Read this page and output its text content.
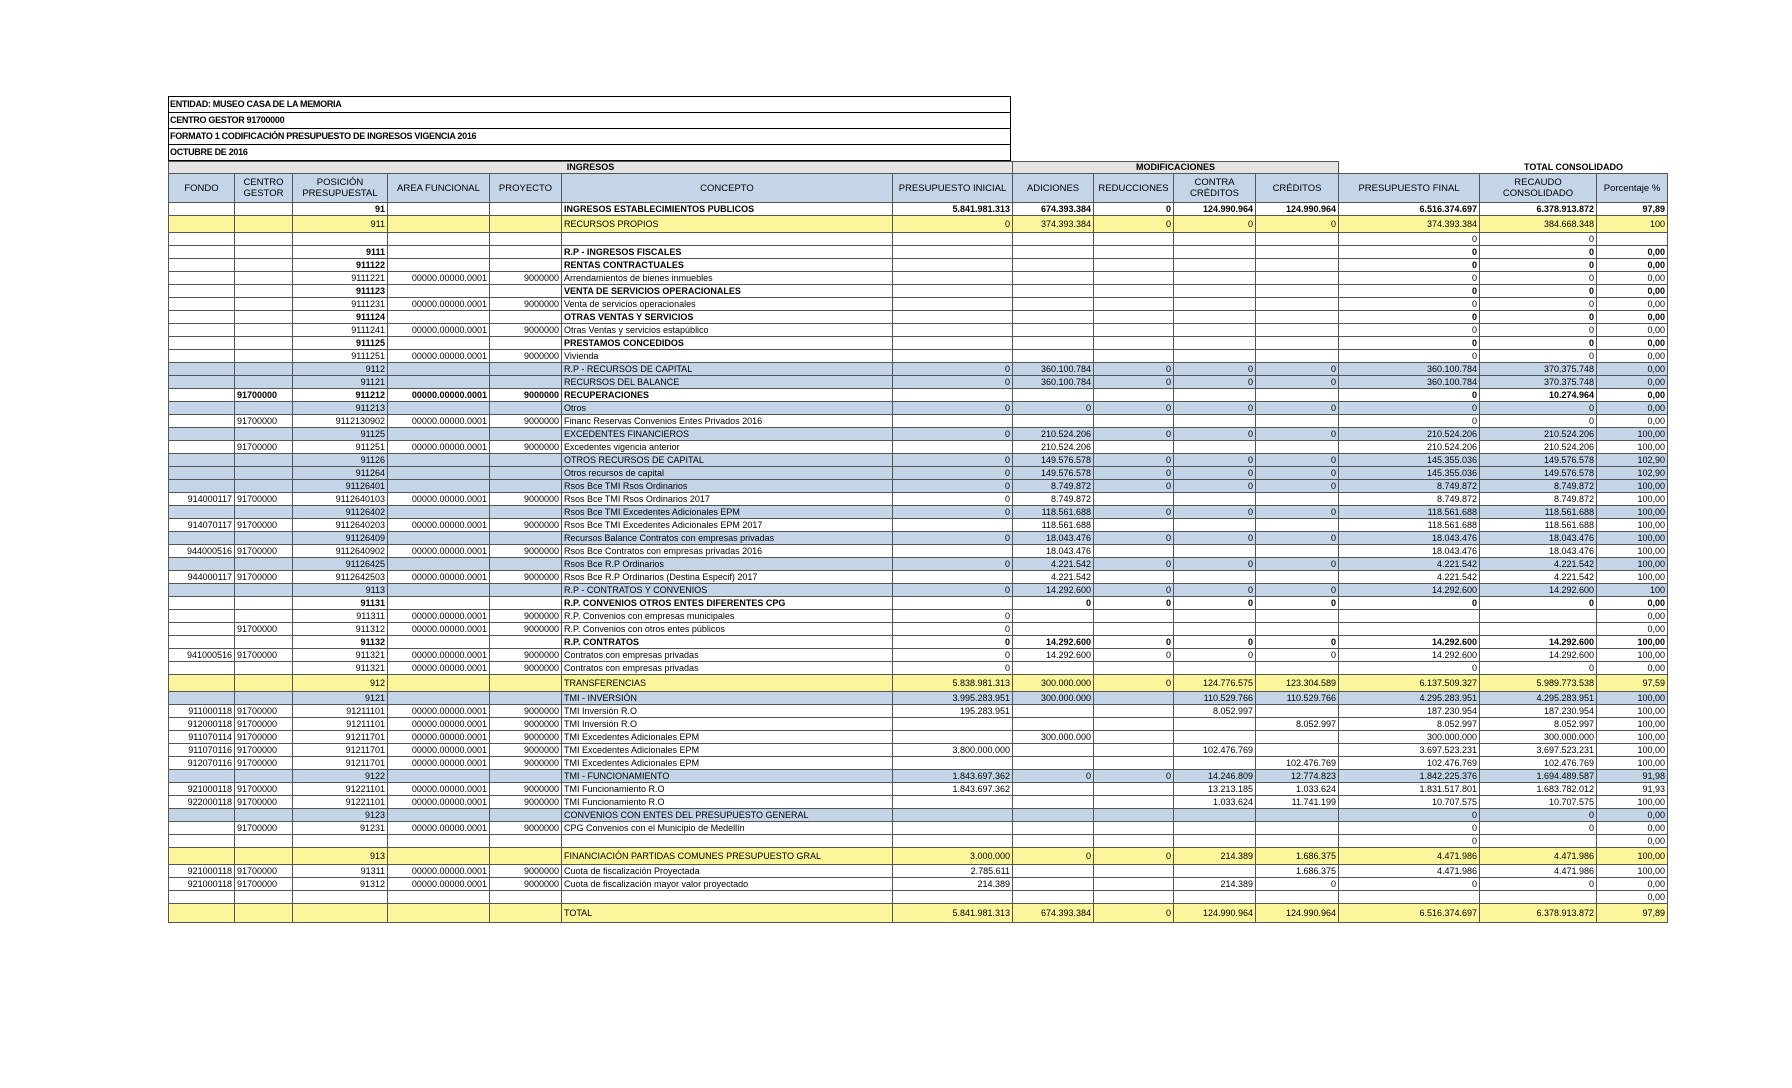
ENTIDAD: MUSEO CASA DE LA MEMORIA
CENTRO GESTOR 91700000
FORMATO 1 CODIFICACIÓN PRESUPUESTO DE INGRESOS VIGENCIA 2016
OCTUBRE DE 2016
INGRESOS							MODIFICACIONES					TOTAL CONSOLIDADO	
FONDO	CENTRO GESTOR	POSICIÓN PRESUPUESTAL	AREA FUNCIONAL	PROYECTO	CONCEPTO	PRESUPUESTO INICIAL	ADICIONES	REDUCCIONES	CONTRA CRÉDITOS	CRÉDITOS	PRESUPUESTO FINAL	RECAUDO CONSOLIDADO	Porcentaje %
		91			INGRESOS ESTABLECIMIENTOS PUBLICOS	5.841.981.313	674.393.384	0	124.990.964	124.990.964	6.516.374.697	6.378.913.872	97,89
		911			RECURSOS PROPIOS	0	374.393.384	0	0	0	374.393.384	384.668.348	100
											0	0	
		9111			R.P - INGRESOS FISCALES						0	0	0,00
		911122			RENTAS CONTRACTUALES						0	0	0,00
		9111221	00000.00000.0001	9000000	Arrendamientos de bienes inmuebles						0	0	0,00
		911123			VENTA DE SERVICIOS OPERACIONALES						0	0	0,00
		9111231	00000.00000.0001	9000000	Venta de servicios operacionales						0	0	0,00
		911124			OTRAS VENTAS Y SERVICIOS						0	0	0,00
		9111241	00000.00000.0001	9000000	Otras Ventas y servicios estapúblico						0	0	0,00
		911125			PRESTAMOS CONCEDIDOS						0	0	0,00
		9111251	00000.00000.0001	9000000	Vivienda						0	0	0,00
		9112			R.P - RECURSOS DE CAPITAL	0	360.100.784	0	0	0	360.100.784	370.375.748	0,00
		91121			RECURSOS DEL BALANCE	0	360.100.784	0	0	0	360.100.784	370.375.748	0,00
	91700000	911212	00000.00000.0001	9000000	RECUPERACIONES						0	10.274.964	0,00
		911213			Otros	0	0	0	0	0	0	0	0,00
	91700000	9112130902	00000.00000.0001	9000000	Financ Reservas Convenios Entes Privados 2016						0	0	0,00
		91125			EXCEDENTES FINANCIEROS	0	210.524.206	0	0	0	210.524.206	210.524.206	100,00
	91700000	911251	00000.00000.0001	9000000	Excedentes vigencia anterior		210.524.206				210.524.206	210.524.206	100,00
		91126			OTROS RECURSOS DE CAPITAL	0	149.576.578	0	0	0	145.355.036	149.576.578	102,90
		911264			Otros recursos de capital	0	149.576.578	0	0	0	145.355.036	149.576.578	102,90
		91126401			Rsos Bce TMI Rsos Ordinarios	0	8.749.872	0	0	0	8.749.872	8.749.872	100,00
914000117	91700000	9112640103	00000.00000.0001	9000000	Rsos Bce TMI Rsos Ordinarios 2017	0	8.749.872				8.749.872	8.749.872	100,00
		91126402			Rsos Bce TMI Excedentes Adicionales EPM	0	118.561.688	0	0	0	118.561.688	118.561.688	100,00
914070117	91700000	9112640203	00000.00000.0001	9000000	Rsos Bce TMI Excedentes Adicionales EPM 2017		118.561.688				118.561.688	118.561.688	100,00
		91126409			Recursos Balance Contratos con empresas privadas	0	18.043.476	0	0	0	18.043.476	18.043.476	100,00
944000516	91700000	9112640902	00000.00000.0001	9000000	Rsos Bce Contratos con empresas privadas 2016		18.043.476				18.043.476	18.043.476	100,00
		91126425			Rsos Bce R.P Ordinarios	0	4.221.542	0	0	0	4.221.542	4.221.542	100,00
944000117	91700000	9112642503	00000.00000.0001	9000000	Rsos Bce R.P Ordinarios (Destina Especif) 2017		4.221.542				4.221.542	4.221.542	100,00
		9113			R.P - CONTRATOS Y CONVENIOS	0	14.292.600	0	0	0	14.292.600	14.292.600	100
		91131			R.P. CONVENIOS OTROS ENTES DIFERENTES CPG		0	0	0	0	0	0	0,00
		911311	00000.00000.0001	9000000	R.P. Convenios con empresas municipales	0							0,00
	91700000	911312	00000.00000.0001	9000000	R.P. Convenios con otros entes públicos	0							0,00
		91132			R.P. CONTRATOS	0	14.292.600	0	0	0	14.292.600	14.292.600	100,00
941000516	91700000	911321	00000.00000.0001	9000000	Contratos con empresas privadas	0	14.292.600	0	0	0	14.292.600	14.292.600	100,00
		911321	00000.00000.0001	9000000	Contratos con empresas privadas	0					0	0	0,00
		912			TRANSFERENCIAS	5.838.981.313	300.000.000	0	124.776.575	123.304.589	6.137.509.327	5.989.773.538	97,59
		9121			TMI - INVERSIÓN	3.995.283.951	300.000.000		110.529.766	110.529.766	4.295.283.951	4.295.283.951	100,00
911000118	91700000	91211101	00000.00000.0001	9000000	TMI Inversión R.O	195.283.951			8.052.997		187.230.954	187.230.954	100,00
912000118	91700000	91211101	00000.00000.0001	9000000	TMI Inversión R.O					8.052.997	8.052.997	8.052.997	100,00
911070114	91700000	91211701	00000.00000.0001	9000000	TMI Excedentes Adicionales EPM		300.000.000				300.000.000	300.000.000	100,00
911070116	91700000	91211701	00000.00000.0001	9000000	TMI Excedentes Adicionales EPM	3.800.000.000			102.476.769		3.697.523.231	3.697.523.231	100,00
912070116	91700000	91211701	00000.00000.0001	9000000	TMI Excedentes Adicionales EPM					102.476.769	102.476.769	102.476.769	100,00
		9122			TMI - FUNCIONAMIENTO	1.843.697.362	0	0	14.246.809	12.774.823	1.842.225.376	1.694.489.587	91,98
921000118	91700000	91221101	00000.00000.0001	9000000	TMI Funcionamiento R.O	1.843.697.362			13.213.185	1.033.624	1.831.517.801	1.683.782.012	91,93
922000118	91700000	91221101	00000.00000.0001	9000000	TMI Funcionamiento R.O				1.033.624	11.741.199	10.707.575	10.707.575	100,00
		9123			CONVENIOS CON ENTES DEL PRESUPUESTO GENERAL						0	0	0,00
	91700000	91231	00000.00000.0001	9000000	CPG Convenios con el Municipio de Medellín						0	0	0,00
											0		0,00
		913			FINANCIACIÓN PARTIDAS COMUNES PRESUPUESTO GRAL	3.000.000	0	0	214.389	1.686.375	4.471.986	4.471.986	100,00
921000118	91700000	91311	00000.00000.0001	9000000	Cuota de fiscalización Proyectada	2.785.611				1.686.375	4.471.986	4.471.986	100,00
921000118	91700000	91312	00000.00000.0001	9000000	Cuota de fiscalización mayor valor proyectado	214.389			214.389	0	0	0	0,00
													0,00
					TOTAL	5.841.981.313	674.393.384	0	124.990.964	124.990.964	6.516.374.697	6.378.913.872	97,89
